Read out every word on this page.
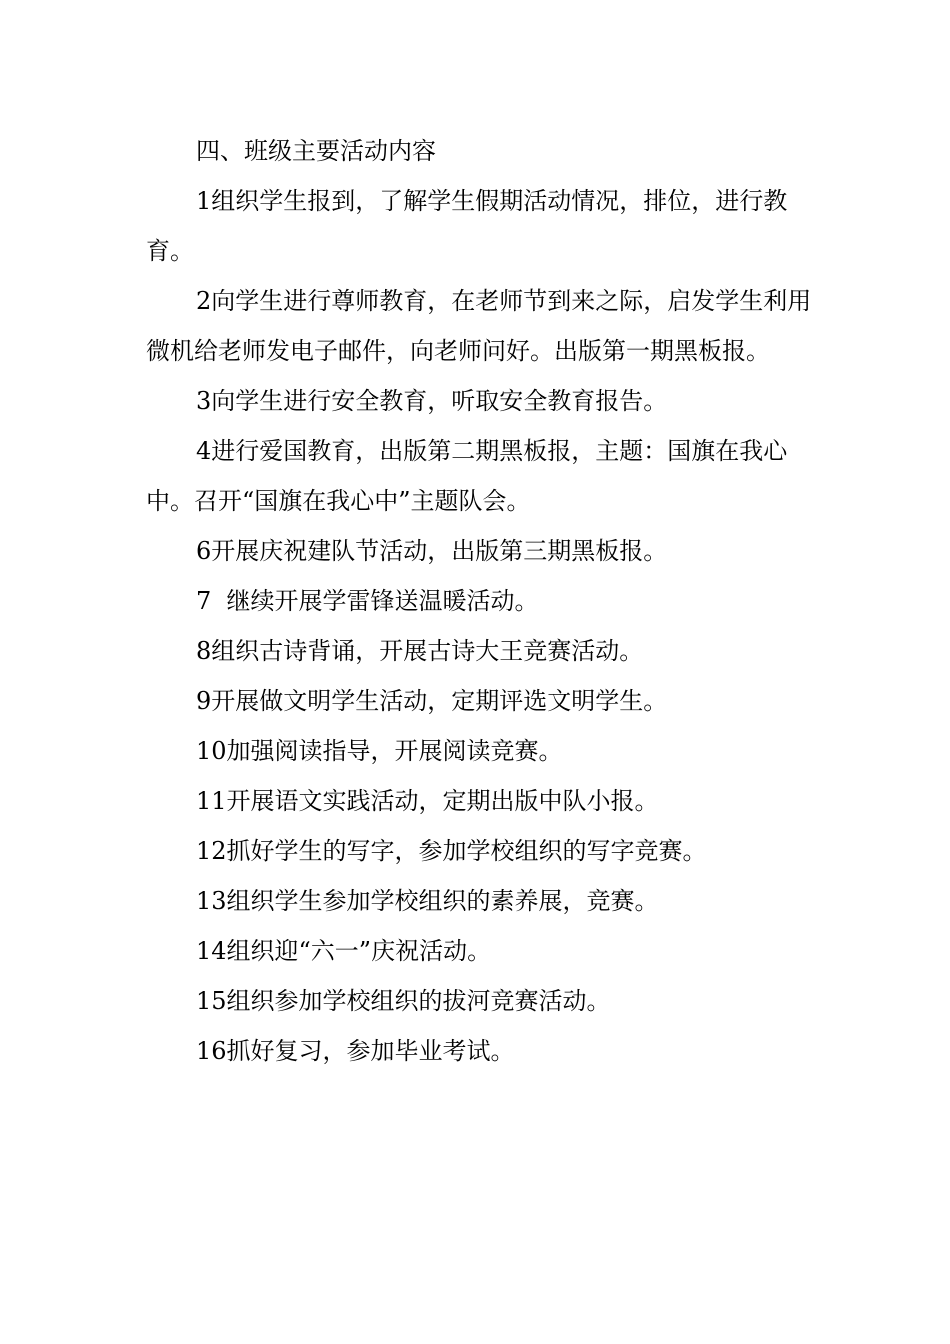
四、班级主要活动内容

1组织学生报到，了解学生假期活动情况，排位，进行教育。

2向学生进行尊师教育，在老师节到来之际，启发学生利用微机给老师发电子邮件，向老师问好。出版第一期黑板报。

3向学生进行安全教育，听取安全教育报告。

4进行爱国教育，出版第二期黑板报，主题：国旗在我心中。召开“国旗在我心中”主题队会。

6开展庆祝建队节活动，出版第三期黑板报。

7  继续开展学雷锋送温暖活动。

8组织古诗背诵，开展古诗大王竞赛活动。

9开展做文明学生活动，定期评选文明学生。

10加强阅读指导，开展阅读竞赛。

11开展语文实践活动，定期出版中队小报。

12抓好学生的写字，参加学校组织的写字竞赛。

13组织学生参加学校组织的素养展，竞赛。

14组织迎“六一”庆祝活动。

15组织参加学校组织的拔河竞赛活动。

16抓好复习，参加毕业考试。
